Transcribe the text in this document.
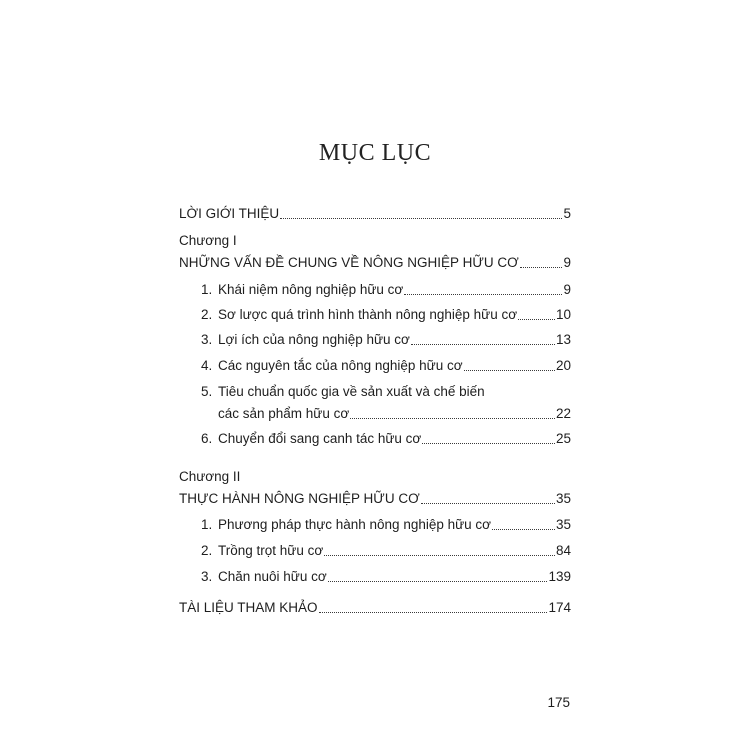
MỤC LỤC
LỜI GIỚI THIỆU	5
Chương I
NHỮNG VẤN ĐỀ CHUNG VỀ NÔNG NGHIỆP HỮU CƠ	9
1. Khái niệm nông nghiệp hữu cơ	9
2. Sơ lược quá trình hình thành nông nghiệp hữu cơ	10
3. Lợi ích của nông nghiệp hữu cơ	13
4. Các nguyên tắc của nông nghiệp hữu cơ	20
5. Tiêu chuẩn quốc gia về sản xuất và chế biến
các sản phẩm hữu cơ	22
6. Chuyển đổi sang canh tác hữu cơ	25
Chương II
THỰC HÀNH NÔNG NGHIỆP HỮU CƠ	35
1. Phương pháp thực hành nông nghiệp hữu cơ	35
2. Trồng trọt hữu cơ	84
3. Chăn nuôi hữu cơ	139
TÀI LIỆU THAM KHẢO	174
175
